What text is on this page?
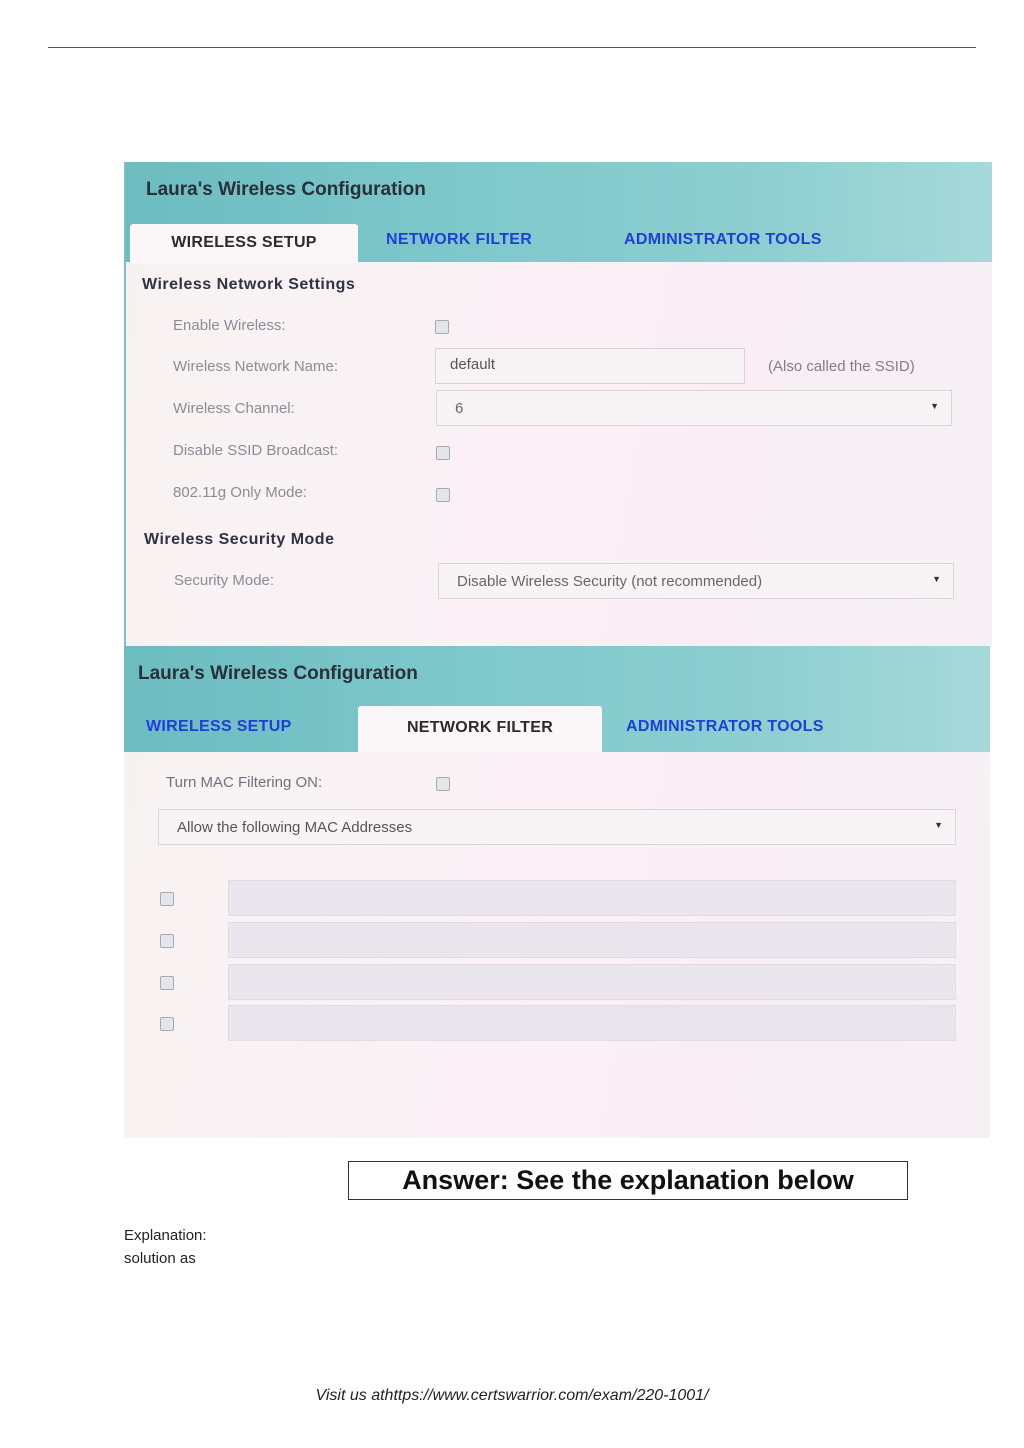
Laura's Wireless Configuration
WIRELESS SETUP	NETWORK FILTER	ADMINISTRATOR TOOLS
Wireless Network Settings
Enable Wireless:
Wireless Network Name:	default	(Also called the SSID)
Wireless Channel:	6	▼
Disable SSID Broadcast:
802.11g Only Mode:
Wireless Security Mode
Security Mode:	Disable Wireless Security (not recommended)	▼
Laura's Wireless Configuration
WIRELESS SETUP	NETWORK FILTER	ADMINISTRATOR TOOLS
Turn MAC Filtering ON:
Allow the following MAC Addresses	▼
Answer: See the explanation below
Explanation:
solution as
Visit us athttps://www.certswarrior.com/exam/220-1001/
